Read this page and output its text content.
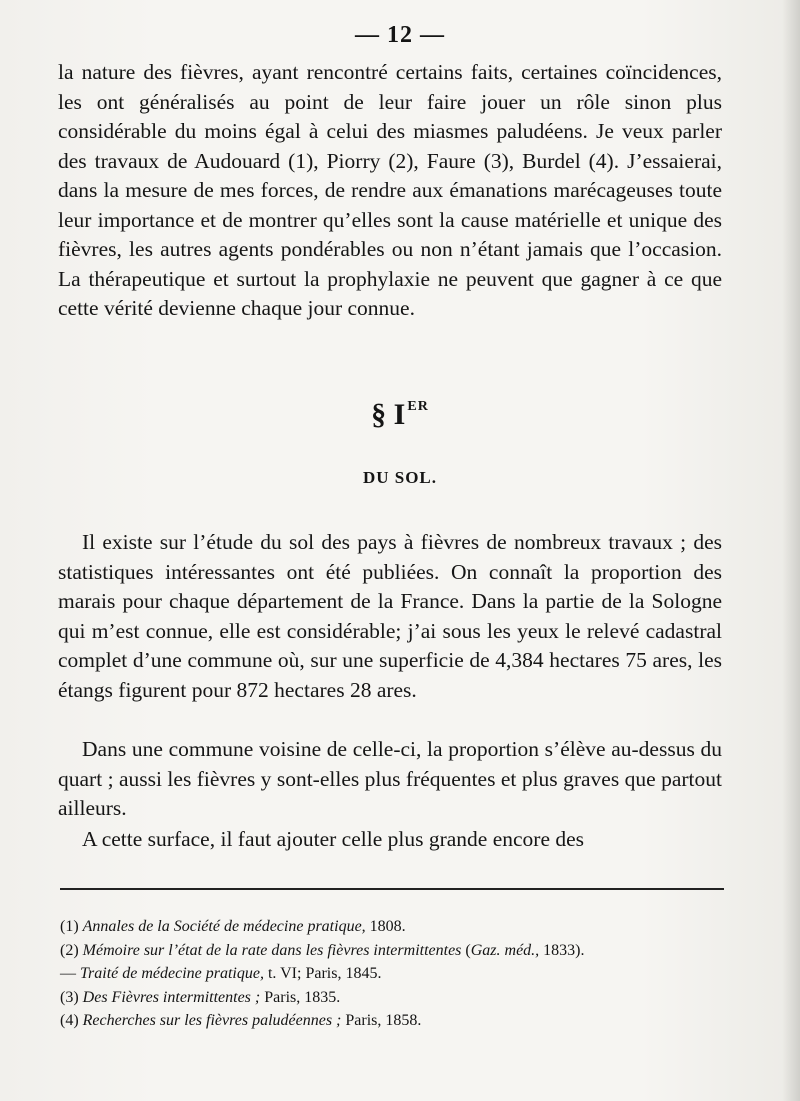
— 12 —

la nature des fièvres, ayant rencontré certains faits, certaines coïncidences, les ont généralisés au point de leur faire jouer un rôle sinon plus considérable du moins égal à celui des miasmes paludéens. Je veux parler des travaux de Audouard (1), Piorry (2), Faure (3), Burdel (4). J’essaierai, dans la mesure de mes forces, de rendre aux émanations marécageuses toute leur importance et de montrer qu’elles sont la cause matérielle et unique des fièvres, les autres agents pondérables ou non n’étant jamais que l’occasion. La thérapeutique et surtout la prophylaxie ne peuvent que gagner à ce que cette vérité devienne chaque jour connue.

§ I $^{ER}$
DU SOL.

Il existe sur l’étude du sol des pays à fièvres de nombreux travaux ; des statistiques intéressantes ont été publiées. On connaît la proportion des marais pour chaque département de la France. Dans la partie de la Sologne qui m’est connue, elle est considérable; j’ai sous les yeux le relevé cadastral complet d’une commune où, sur une superficie de 4,384 hectares 75 ares, les étangs figurent pour 872 hectares 28 ares.

Dans une commune voisine de celle-ci, la proportion s’élève au-dessus du quart ; aussi les fièvres y sont-elles plus fréquentes et plus graves que partout ailleurs.

A cette surface, il faut ajouter celle plus grande encore des

(1) Annales de la Société de médecine pratique, 1808.
(2) Mémoire sur l’état de la rate dans les fièvres intermittentes (Gaz. méd., 1833).
— Traité de médecine pratique, t. VI; Paris, 1845.
(3) Des Fièvres intermittentes ; Paris, 1835.
(4) Recherches sur les fièvres paludéennes ; Paris, 1858.
